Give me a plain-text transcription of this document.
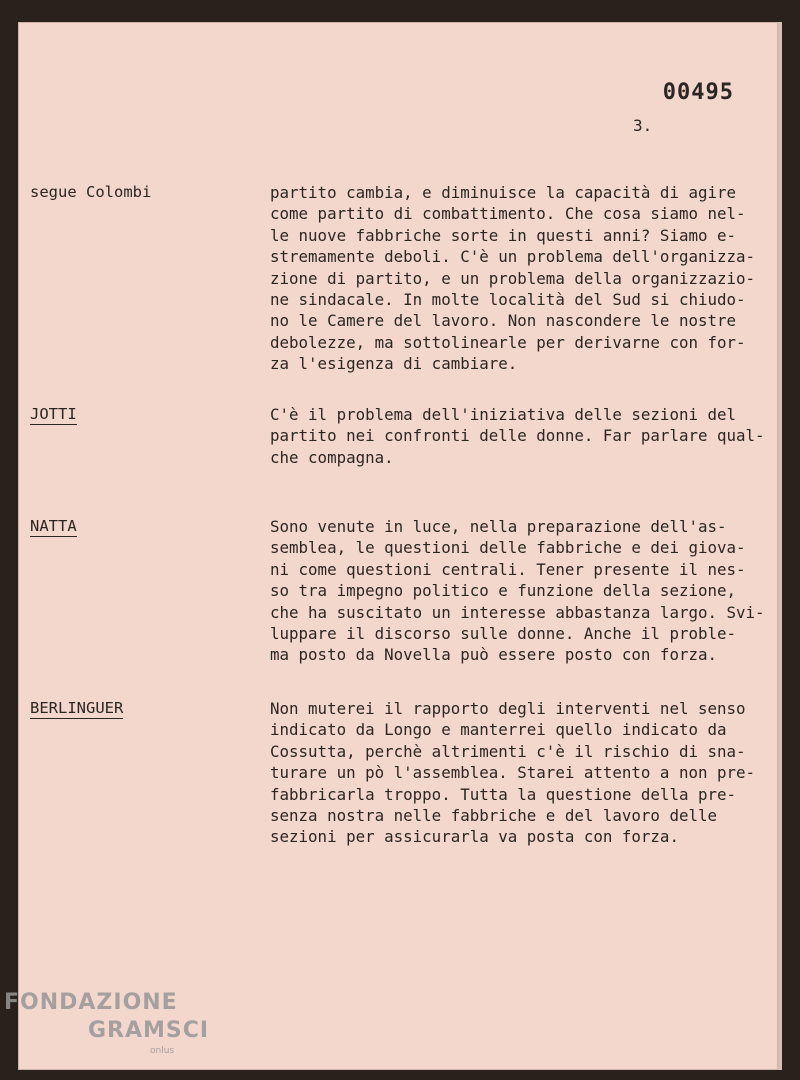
00495
3.
segue Colombi	partito cambia, e diminuisce la capacità di agire
come partito di combattimento. Che cosa siamo nel-
le nuove fabbriche sorte in questi anni? Siamo e-
stremamente deboli. C'è un problema dell'organizza-
zione di partito, e un problema della organizzazio-
ne sindacale. In molte località del Sud si chiudo-
no le Camere del lavoro. Non nascondere le nostre
debolezze, ma sottolinearle per derivarne con for-
za l'esigenza di cambiare.
JOTTI	C'è il problema dell'iniziativa delle sezioni del
partito nei confronti delle donne. Far parlare qual-
che compagna.
NATTA	Sono venute in luce, nella preparazione dell'as-
semblea, le questioni delle fabbriche e dei giova-
ni come questioni centrali. Tener presente il nes-
so tra impegno politico e funzione della sezione,
che ha suscitato un interesse abbastanza largo. Svi-
luppare il discorso sulle donne. Anche il proble-
ma posto da Novella può essere posto con forza.
BERLINGUER	Non muterei il rapporto degli interventi nel senso
indicato da Longo e manterrei quello indicato da
Cossutta, perchè altrimenti c'è il rischio di sna-
turare un pò l'assemblea. Starei attento a non pre-
fabbricarla troppo. Tutta la questione della pre-
senza nostra nelle fabbriche e del lavoro delle
sezioni per assicurarla va posta con forza.
FONDAZIONE
GRAMSCI
onlus
